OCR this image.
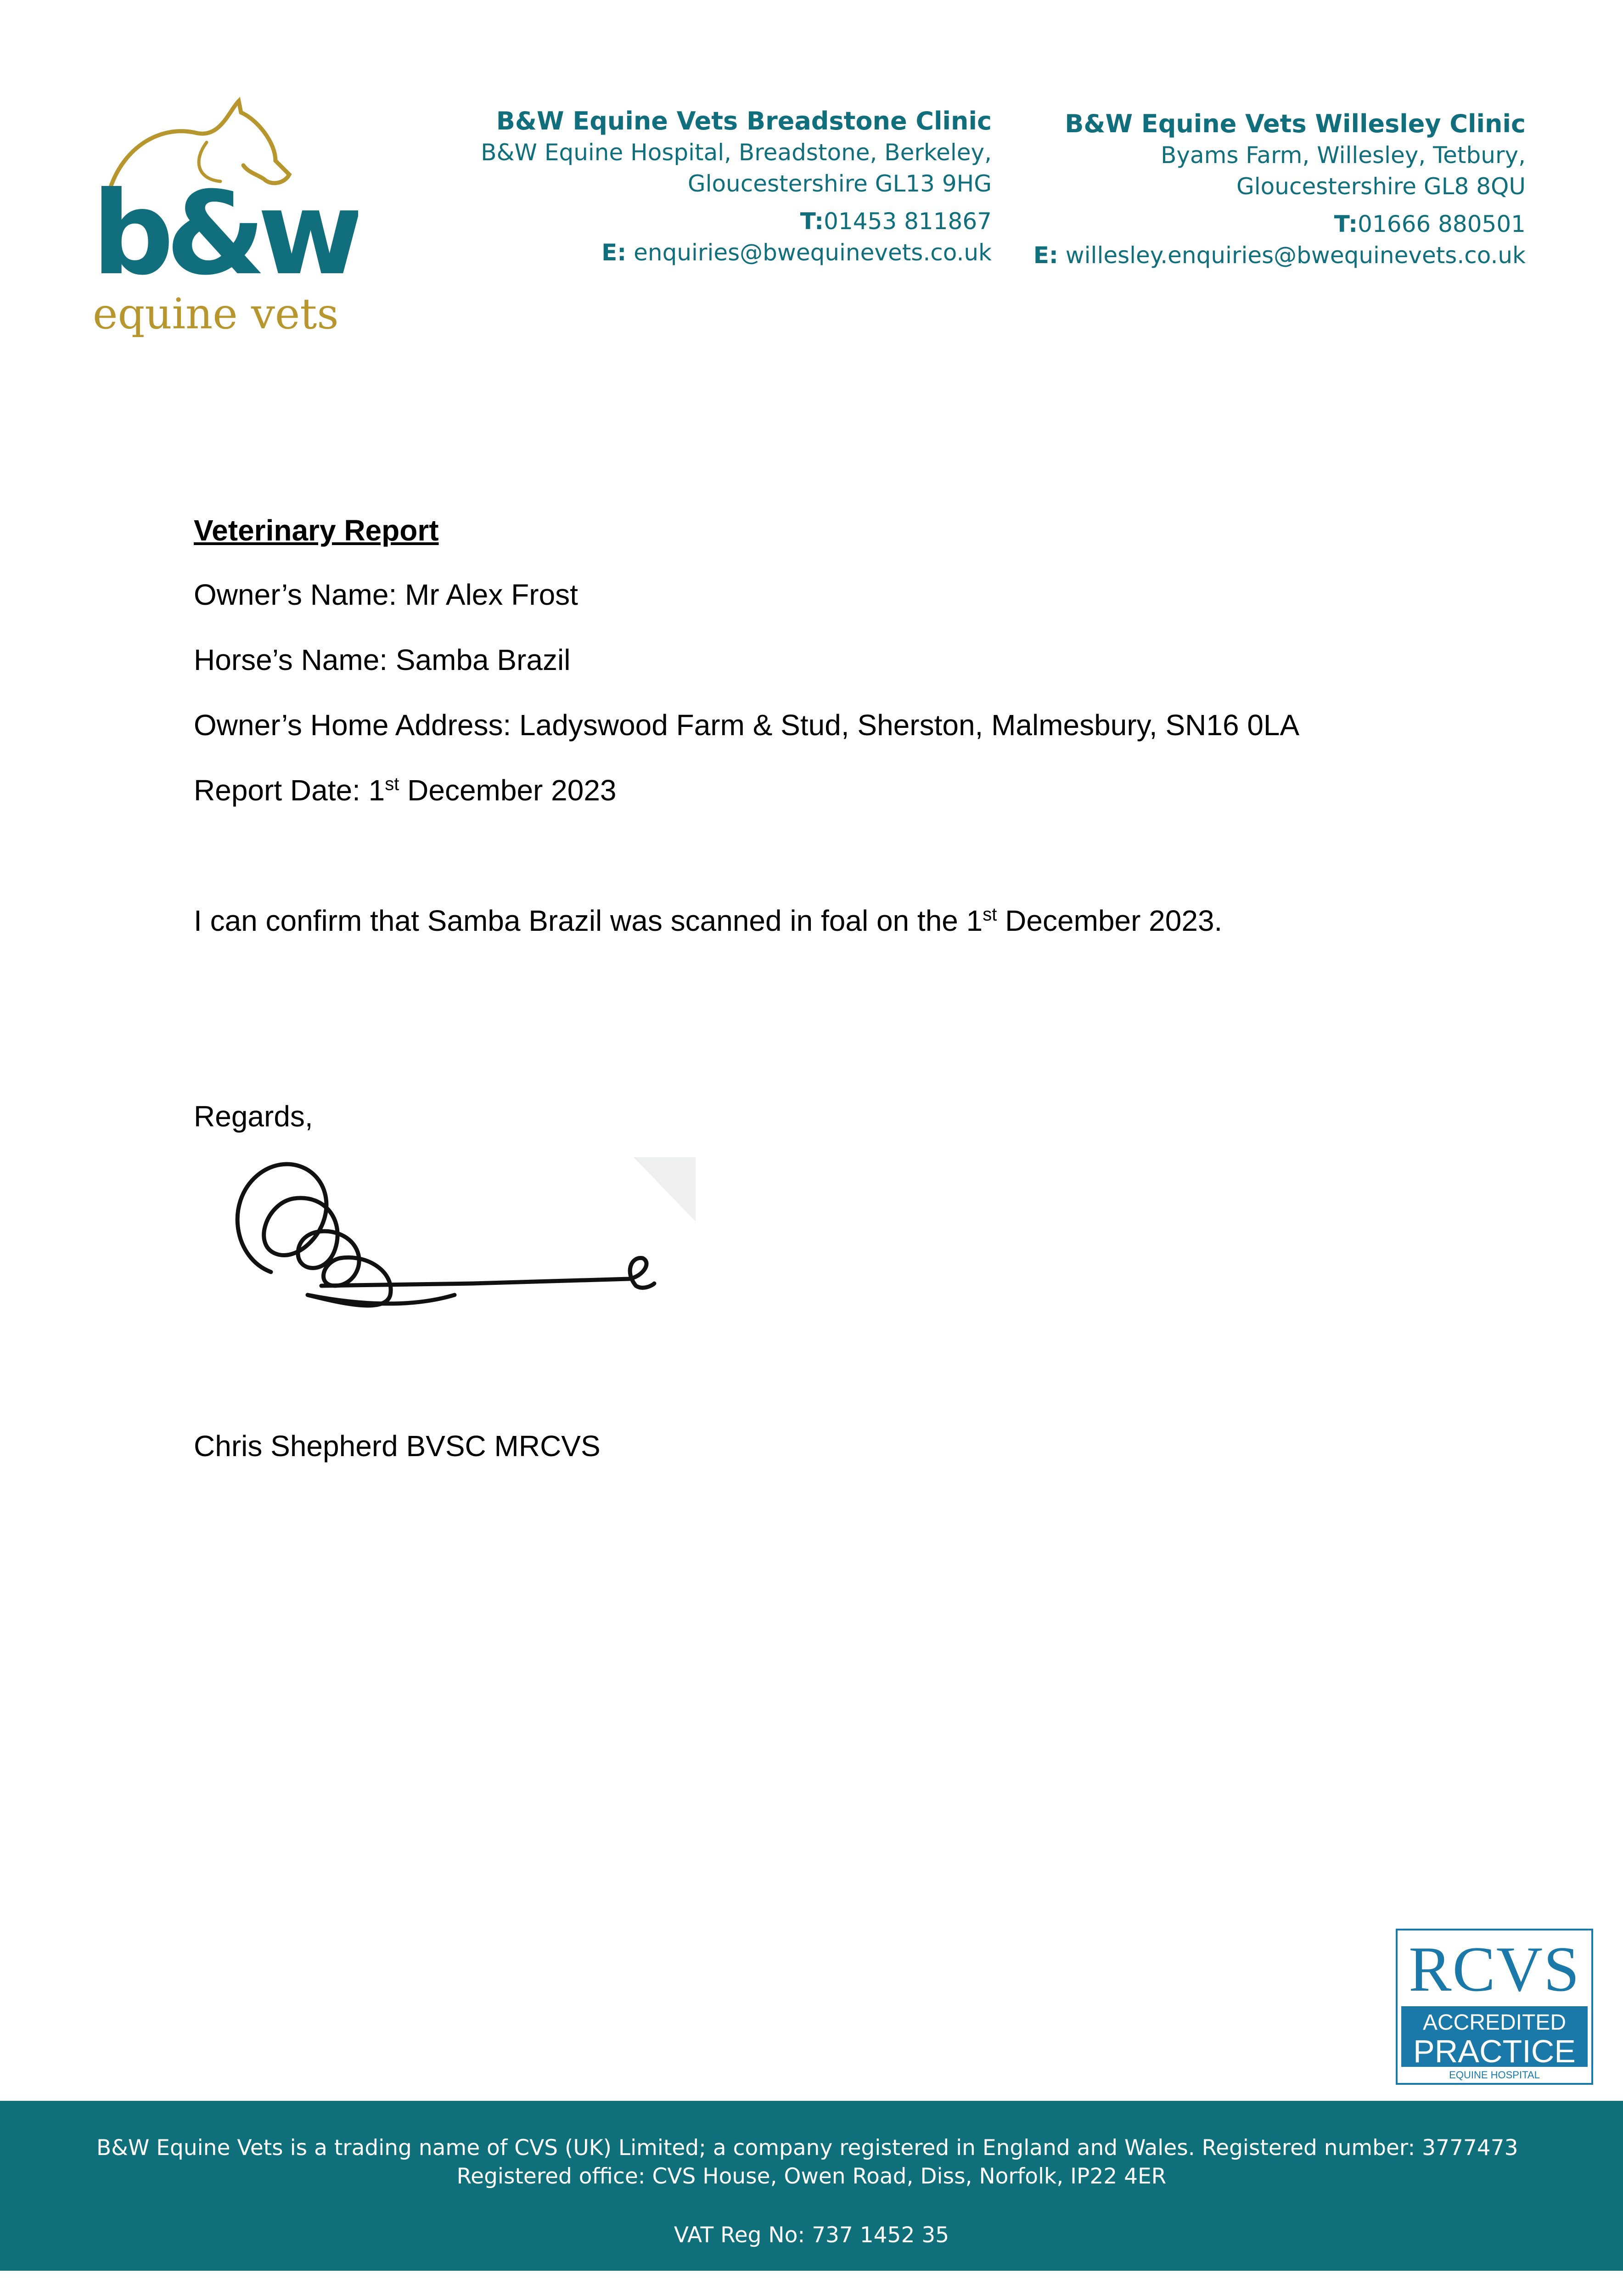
b&w
equine vets
B&W Equine Vets Breadstone Clinic
B&W Equine Hospital, Breadstone, Berkeley,
Gloucestershire GL13 9HG
T:01453 811867
E: enquiries@bwequinevets.co.uk
B&W Equine Vets Willesley Clinic
Byams Farm, Willesley, Tetbury,
Gloucestershire GL8 8QU
T:01666 880501
E: willesley.enquiries@bwequinevets.co.uk
Veterinary Report
Owner’s Name: Mr Alex Frost
Horse’s Name: Samba Brazil
Owner’s Home Address: Ladyswood Farm & Stud, Sherston, Malmesbury, SN16 0LA
Report Date: 1st December 2023
I can confirm that Samba Brazil was scanned in foal on the 1st December 2023.
Regards,
Chris Shepherd BVSC MRCVS
RCVS
ACCREDITED
PRACTICE
EQUINE HOSPITAL
B&W Equine Vets is a trading name of CVS (UK) Limited; a company registered in England and Wales. Registered number: 3777473
Registered office: CVS House, Owen Road, Diss, Norfolk, IP22 4ER
VAT Reg No: 737 1452 35
